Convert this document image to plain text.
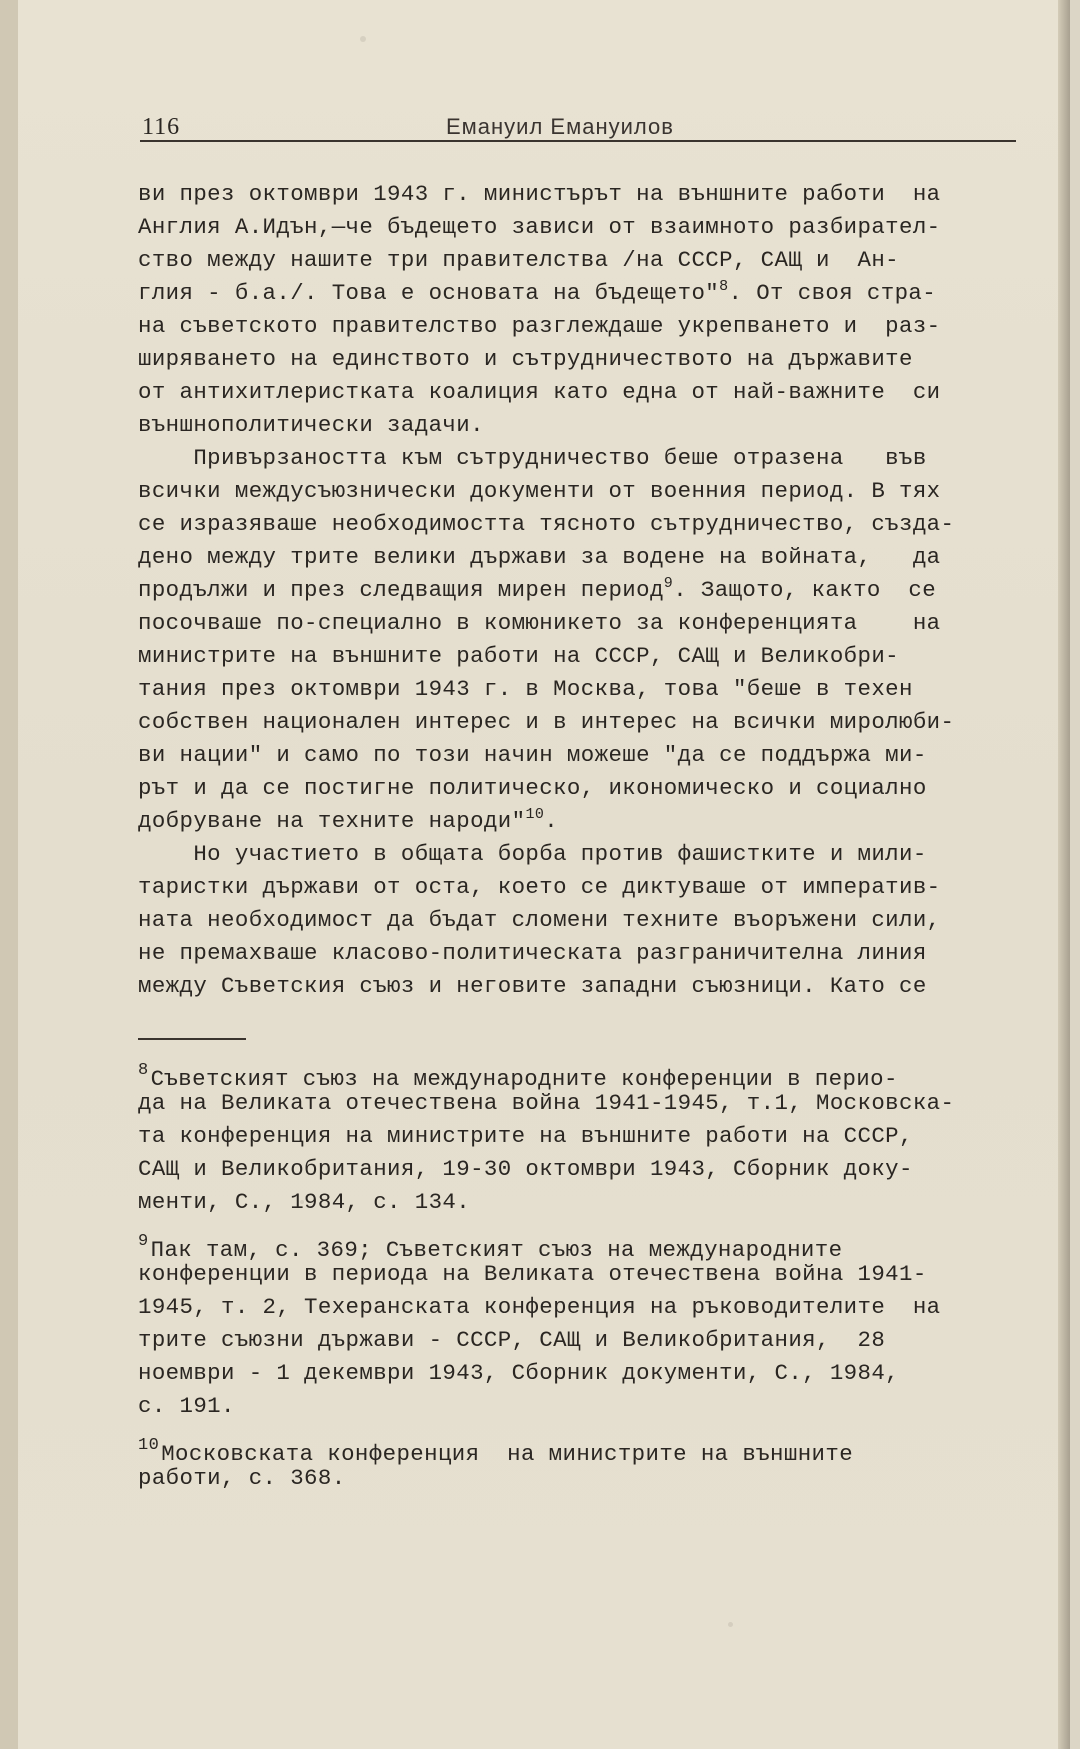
116	Емануил Емануилов
ви през октомври 1943 г. министърът на външните работи  на
Англия А.Идън,—че бъдещето зависи от взаимното разбирател-
ство между нашите три правителства /на СССР, САЩ и  Ан-
глия - б.а./. Това е основата на бъдещето"$^8$. От своя стра-
на съветското правителство разглеждаше укрепването и  раз-
ширяването на единството и сътрудничеството на държавите
от антихитлеристката коалиция като една от най-важните  си
външнополитически задачи.
Привързаността към сътрудничество беше отразена   във
всички междусъюзнически документи от военния период. В тях
се изразяваше необходимостта тясното сътрудничество, създа-
дено между трите велики държави за водене на войната,   да
продължи и през следващия мирен период$^9$. Защото, както  се
посочваше по-специално в комюникето за конференцията    на
министрите на външните работи на СССР, САЩ и Великобри-
тания през октомври 1943 г. в Москва, това "беше в техен
собствен национален интерес и в интерес на всички миролюби-
ви нации" и само по този начин можеше "да се поддържа ми-
рът и да се постигне политическо, икономическо и социално
добруване на техните народи"$^{10}$.
Но участието в общата борба против фашистките и мили-
таристки държави от оста, което се диктуваше от императив-
ната необходимост да бъдат сломени техните въоръжени сили,
не премахваше класово-политическата разграничителна линия
между Съветския съюз и неговите западни съюзници. Като се
$^8$Съветският съюз на международните конференции в перио-
да на Великата отечествена война 1941-1945, т.1, Московска-
та конференция на министрите на външните работи на СССР,
САЩ и Великобритания, 19-30 октомври 1943, Сборник доку-
менти, С., 1984, с. 134.
$^9$Пак там, с. 369; Съветският съюз на международните
конференции в периода на Великата отечествена война 1941-
1945, т. 2, Техеранската конференция на ръководителите  на
трите съюзни държави - СССР, САЩ и Великобритания,  28
ноември - 1 декември 1943, Сборник документи, С., 1984,
с. 191.
$^{10}$Московската конференция  на министрите на външните
работи, с. 368.
